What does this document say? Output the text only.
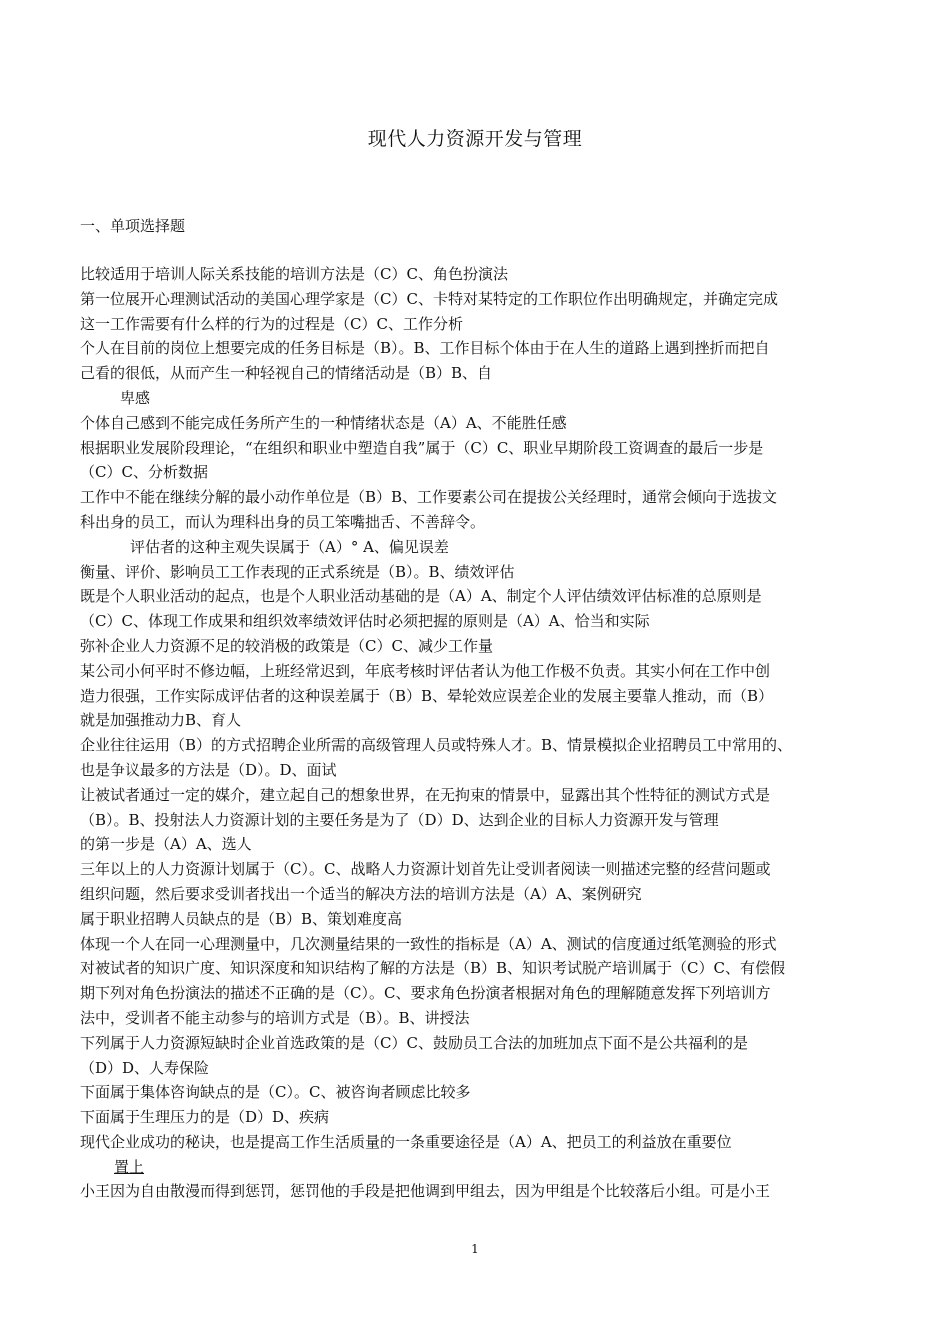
现代人力资源开发与管理
一、单项选择题
比较适用于培训人际关系技能的培训方法是（C）C、角色扮演法
第一位展开心理测试活动的美国心理学家是（C）C、卡特对某特定的工作职位作出明确规定，并确定完成
这一工作需要有什么样的行为的过程是（C）C、工作分析
个人在目前的岗位上想要完成的任务目标是（B）。B、工作目标个体由于在人生的道路上遇到挫折而把自
己看的很低，从而产生一种轻视自己的情绪活动是（B）B、自
卑感
个体自己感到不能完成任务所产生的一种情绪状态是（A）A、不能胜任感
根据职业发展阶段理论，“在组织和职业中塑造自我”属于（C）C、职业早期阶段工资调查的最后一步是
（C）C、分析数据
工作中不能在继续分解的最小动作单位是（B）B、工作要素公司在提拔公关经理时，通常会倾向于选拔文
科出身的员工，而认为理科出身的员工笨嘴拙舌、不善辞令。
评估者的这种主观失误属于（A）° A、偏见误差
衡量、评价、影响员工工作表现的正式系统是（B）。B、绩效评估
既是个人职业活动的起点，也是个人职业活动基础的是（A）A、制定个人评估绩效评估标准的总原则是
（C）C、体现工作成果和组织效率绩效评估时必须把握的原则是（A）A、恰当和实际
弥补企业人力资源不足的较消极的政策是（C）C、减少工作量
某公司小何平时不修边幅，上班经常迟到，年底考核时评估者认为他工作极不负责。其实小何在工作中创
造力很强，工作实际成评估者的这种误差属于（B）B、晕轮效应误差企业的发展主要靠人推动，而（B）
就是加强推动力B、育人
企业往往运用（B）的方式招聘企业所需的高级管理人员或特殊人才。B、情景模拟企业招聘员工中常用的、
也是争议最多的方法是（D）。D、面试
让被试者通过一定的媒介，建立起自己的想象世界，在无拘束的情景中，显露出其个性特征的测试方式是
（B）。B、投射法人力资源计划的主要任务是为了（D）D、达到企业的目标人力资源开发与管理
的第一步是（A）A、选人
三年以上的人力资源计划属于（C）。C、战略人力资源计划首先让受训者阅读一则描述完整的经营问题或
组织问题，然后要求受训者找出一个适当的解决方法的培训方法是（A）A、案例研究
属于职业招聘人员缺点的是（B）B、策划难度高
体现一个人在同一心理测量中，几次测量结果的一致性的指标是（A）A、测试的信度通过纸笔测验的形式
对被试者的知识广度、知识深度和知识结构了解的方法是（B）B、知识考试脱产培训属于（C）C、有偿假
期下列对角色扮演法的描述不正确的是（C）。C、要求角色扮演者根据对角色的理解随意发挥下列培训方
法中，受训者不能主动参与的培训方式是（B）。B、讲授法
下列属于人力资源短缺时企业首选政策的是（C）C、鼓励员工合法的加班加点下面不是公共福利的是
（D）D、人寿保险
下面属于集体咨询缺点的是（C）。C、被咨询者顾虑比较多
下面属于生理压力的是（D）D、疾病
现代企业成功的秘诀，也是提高工作生活质量的一条重要途径是（A）A、把员工的利益放在重要位
置上
小王因为自由散漫而得到惩罚，惩罚他的手段是把他调到甲组去，因为甲组是个比较落后小组。可是小王
1
